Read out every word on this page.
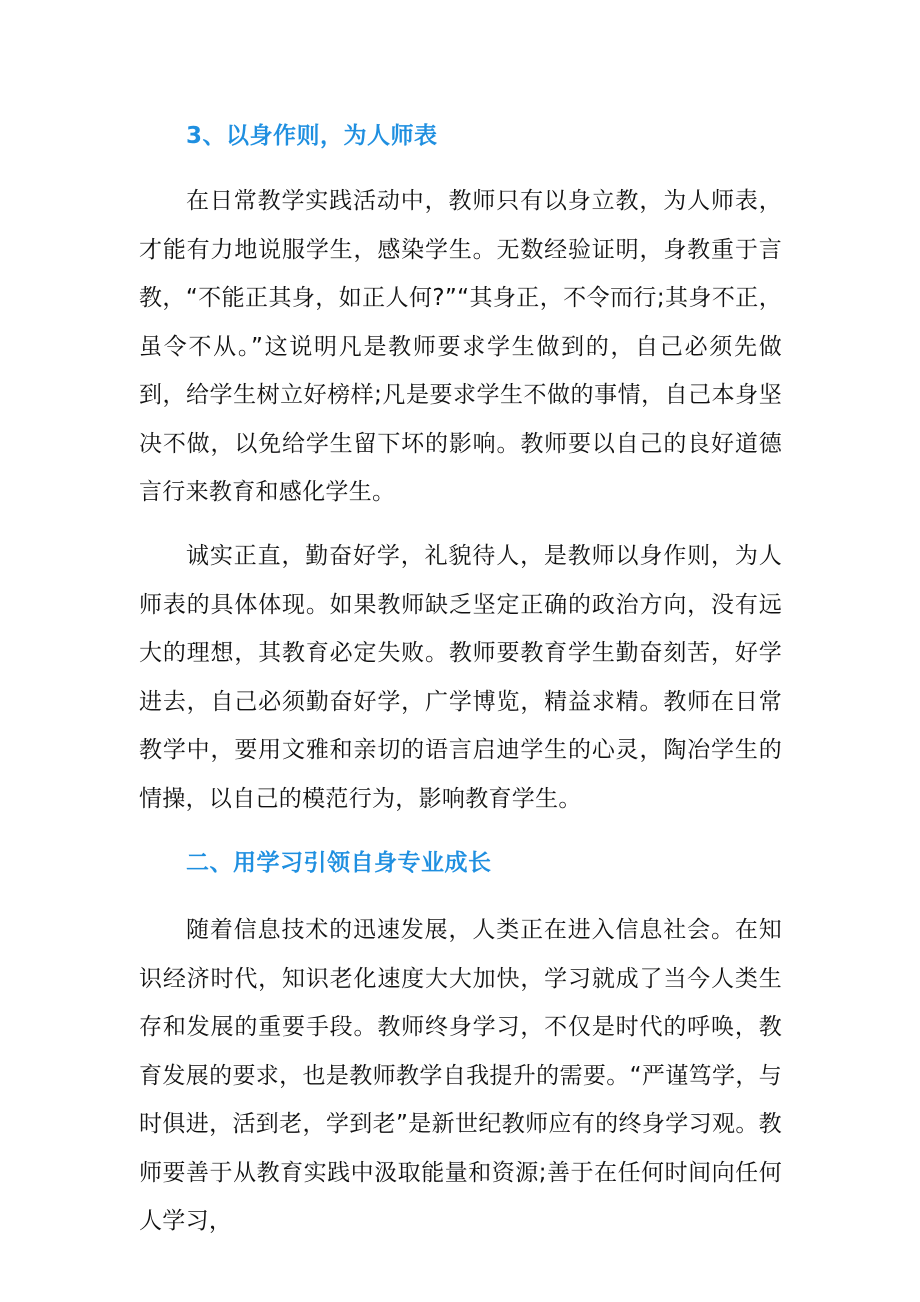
3、以身作则，为人师表

在日常教学实践活动中，教师只有以身立教，为人师表，才能有力地说服学生，感染学生。无数经验证明，身教重于言教，“不能正其身，如正人何?”“其身正，不令而行;其身不正，虽令不从。”这说明凡是教师要求学生做到的，自己必须先做到，给学生树立好榜样;凡是要求学生不做的事情，自己本身坚决不做，以免给学生留下坏的影响。教师要以自己的良好道德言行来教育和感化学生。

诚实正直，勤奋好学，礼貌待人，是教师以身作则，为人师表的具体体现。如果教师缺乏坚定正确的政治方向，没有远大的理想，其教育必定失败。教师要教育学生勤奋刻苦，好学进去，自己必须勤奋好学，广学博览，精益求精。教师在日常教学中，要用文雅和亲切的语言启迪学生的心灵，陶冶学生的情操，以自己的模范行为，影响教育学生。

二、用学习引领自身专业成长

随着信息技术的迅速发展，人类正在进入信息社会。在知识经济时代，知识老化速度大大加快，学习就成了当今人类生存和发展的重要手段。教师终身学习，不仅是时代的呼唤，教育发展的要求，也是教师教学自我提升的需要。“严谨笃学，与时俱进，活到老，学到老”是新世纪教师应有的终身学习观。教师要善于从教育实践中汲取能量和资源;善于在任何时间向任何人学习，
